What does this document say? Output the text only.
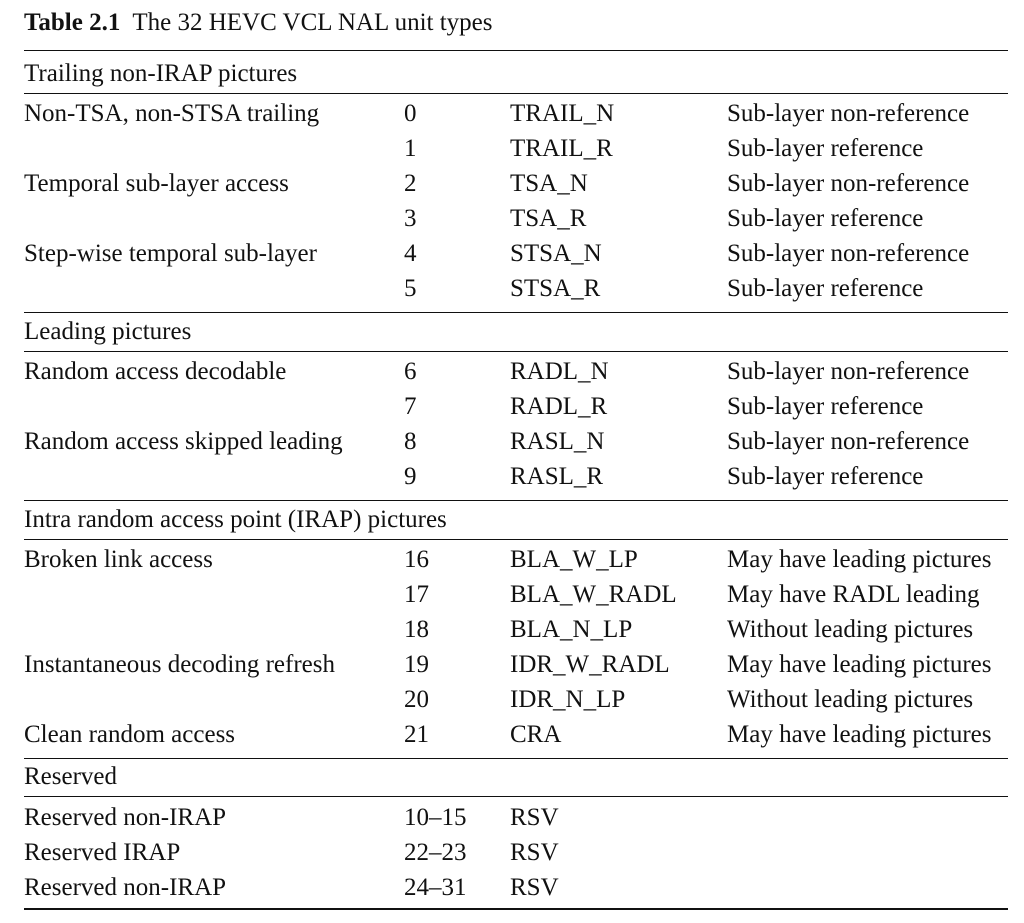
Table 2.1 The 32 HEVC VCL NAL unit types
Trailing non-IRAP pictures
Non-TSA, non-STSA trailing	0	TRAIL_N	Sub-layer non-reference
1	TRAIL_R	Sub-layer reference
Temporal sub-layer access	2	TSA_N	Sub-layer non-reference
3	TSA_R	Sub-layer reference
Step-wise temporal sub-layer	4	STSA_N	Sub-layer non-reference
5	STSA_R	Sub-layer reference
Leading pictures
Random access decodable	6	RADL_N	Sub-layer non-reference
7	RADL_R	Sub-layer reference
Random access skipped leading 8	RASL_N	Sub-layer non-reference
9	RASL_R	Sub-layer reference
Intra random access point (IRAP) pictures
Broken link access	16	BLA_W_LP	May have leading pictures
17	BLA_W_RADL May have RADL leading
18	BLA_N_LP	Without leading pictures
Instantaneous decoding refresh	19	IDR_W_RADL May have leading pictures
20	IDR_N_LP	Without leading pictures
Clean random access	21	CRA	May have leading pictures
Reserved
Reserved non-IRAP	10–15 RSV
Reserved IRAP	22–23 RSV
Reserved non-IRAP	24–31 RSV
